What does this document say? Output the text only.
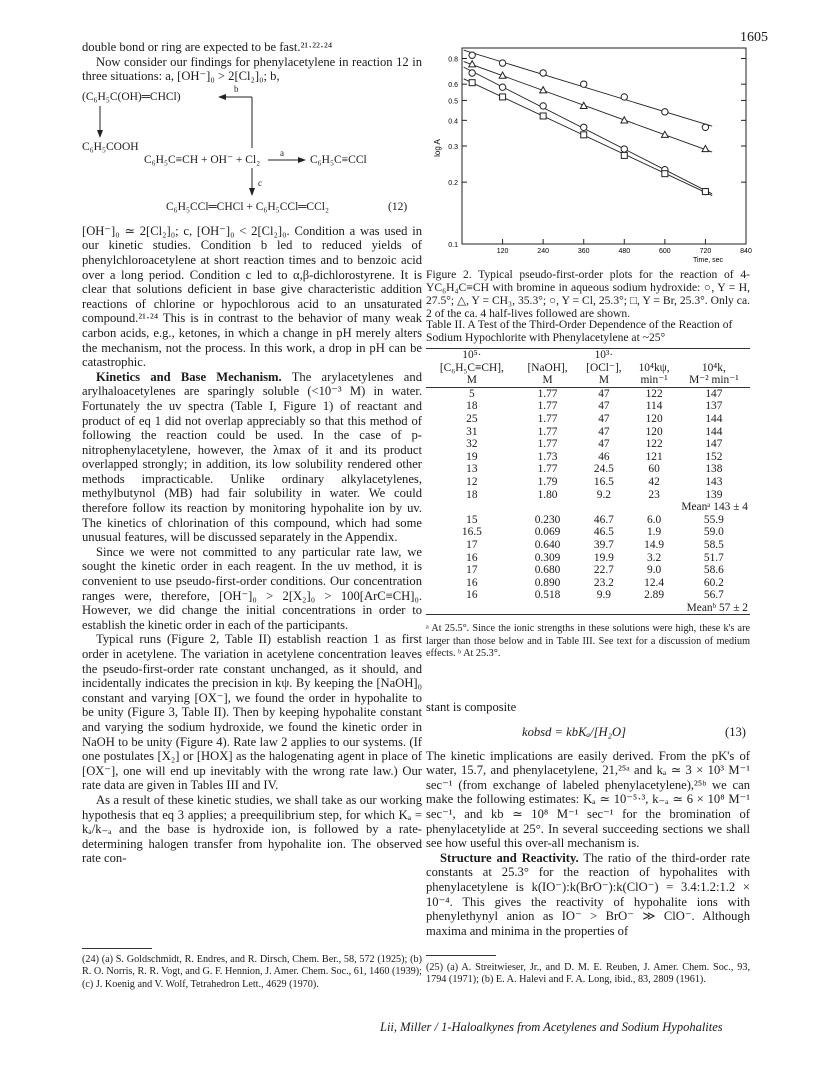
1605

double bond or ring are expected to be fast.²¹·²²·²⁴

Now consider our findings for phenylacetylene in reaction 12 in three situations: a, [OH⁻]₀ > 2[Cl₂]₀; b,

(C₆H₅C(OH)═CHCl)
b
C₆H₅COOH
C₆H₅C≡CH + OH⁻ + Cl₂
a
C₆H₅C≡CCl
c
C₆H₅CCl═CHCl + C₆H₅CCl═CCl₂	(12)

[OH⁻]₀ ≃ 2[Cl₂]₀; c, [OH⁻]₀ < 2[Cl₂]₀. Condition a was used in our kinetic studies. Condition b led to reduced yields of phenylchloroacetylene at short reaction times and to benzoic acid over a long period. Condition c led to α,β-dichlorostyrene. It is clear that solutions deficient in base give characteristic addition reactions of chlorine or hypochlorous acid to an unsaturated compound.²¹·²⁴ This is in contrast to the behavior of many weak carbon acids, e.g., ketones, in which a change in pH merely alters the mechanism, not the process. In this work, a drop in pH can be catastrophic.

Kinetics and Base Mechanism. The arylacetylenes and arylhaloacetylenes are sparingly soluble (<10⁻³ M) in water. Fortunately the uv spectra (Table I, Figure 1) of reactant and product of eq 1 did not overlap appreciably so that this method of following the reaction could be used. In the case of p-nitrophenylacetylene, however, the λmax of it and its product overlapped strongly; in addition, its low solubility rendered other methods impracticable. Unlike ordinary alkylacetylenes, methylbutynol (MB) had fair solubility in water. We could therefore follow its reaction by monitoring hypohalite ion by uv. The kinetics of chlorination of this compound, which had some unusual features, will be discussed separately in the Appendix.

Since we were not committed to any particular rate law, we sought the kinetic order in each reagent. In the uv method, it is convenient to use pseudo-first-order conditions. Our concentration ranges were, therefore, [OH⁻]₀ > 2[X₂]₀ > 100[ArC≡CH]₀. However, we did change the initial concentrations in order to establish the kinetic order in each of the participants.

Typical runs (Figure 2, Table II) establish reaction 1 as first order in acetylene. The variation in acetylene concentration leaves the pseudo-first-order rate constant unchanged, as it should, and incidentally indicates the precision in kψ. By keeping the [NaOH]₀ constant and varying [OX⁻], we found the order in hypohalite to be unity (Figure 3, Table II). Then by keeping hypohalite constant and varying the sodium hydroxide, we found the kinetic order in NaOH to be unity (Figure 4). Rate law 2 applies to our systems. (If one postulates [X₂] or [HOX] as the halogenating agent in place of [OX⁻], one will end up inevitably with the wrong rate law.) Our rate data are given in Tables III and IV.

As a result of these kinetic studies, we shall take as our working hypothesis that eq 3 applies; a preequilibrium step, for which Kₐ = kₐ/k₋ₐ and the base is hydroxide ion, is followed by a rate-determining halogen transfer from hypohalite ion. The observed rate con-

(24) (a) S. Goldschmidt, R. Endres, and R. Dirsch, Chem. Ber., 58, 572 (1925); (b) R. O. Norris, R. R. Vogt, and G. F. Hennion, J. Amer. Chem. Soc., 61, 1460 (1939); (c) J. Koenig and V. Wolf, Tetrahedron Lett., 4629 (1970).
0.1
0.2
0.3
0.4
0.5
0.6
0.8
120	240	360	480	600	720	840
log A
Time, sec
Figure 2. Typical pseudo-first-order plots for the reaction of 4-YC₆H₄C≡CH with bromine in aqueous sodium hydroxide: ○, Y = H, 27.5°; △, Y = CH₃, 35.3°; ○, Y = Cl, 25.3°; □, Y = Br, 25.3°. Only ca. 2 of the ca. 4 half-lives followed are shown.
Table II. A Test of the Third-Order Dependence of the Reaction of Sodium Hypochlorite with Phenylacetylene at ~25°
10⁵·		10³·		
[C₆H₅C≡CH],	[NaOH],	[OCl⁻],	10⁴kψ,	10⁴k,
M	M	M	min⁻¹	M⁻² min⁻¹
5	1.77	47	122	147
18	1.77	47	114	137
25	1.77	47	120	144
31	1.77	47	120	144
32	1.77	47	122	147
19	1.73	46	121	152
13	1.77	24.5	60	138
12	1.79	16.5	42	143
18	1.80	9.2	23	139
Meanᵃ 143 ± 4				
15	0.230	46.7	6.0	55.9
16.5	0.069	46.5	1.9	59.0
17	0.640	39.7	14.9	58.5
16	0.309	19.9	3.2	51.7
17	0.680	22.7	9.0	58.6
16	0.890	23.2	12.4	60.2
16	0.518	9.9	2.89	56.7
Meanᵇ 57 ± 2				
ᵃ At 25.5°. Since the ionic strengths in these solutions were high, these k's are larger than those below and in Table III. See text for a discussion of medium effects. ᵇ At 25.3°.

stant is composite

kobsd = kbKₐ/[H₂O]	(13)

The kinetic implications are easily derived. From the pK's of water, 15.7, and phenylacetylene, 21,²⁵ᵃ and kₐ ≃ 3 × 10³ M⁻¹ sec⁻¹ (from exchange of labeled phenylacetylene),²⁵ᵇ we can make the following estimates: Kₐ ≃ 10⁻⁵·³, k₋ₐ ≃ 6 × 10⁸ M⁻¹ sec⁻¹, and kb ≃ 10⁸ M⁻¹ sec⁻¹ for the bromination of phenylacetylide at 25°. In several succeeding sections we shall see how useful this over-all mechanism is.

Structure and Reactivity. The ratio of the third-order rate constants at 25.3° for the reaction of hypohalites with phenylacetylene is k(IO⁻):k(BrO⁻):k(ClO⁻) = 3.4:1.2:1.2 × 10⁻⁴. This gives the reactivity of hypohalite ions with phenylethynyl anion as IO⁻ > BrO⁻ ≫ ClO⁻. Although maxima and minima in the properties of

(25) (a) A. Streitwieser, Jr., and D. M. E. Reuben, J. Amer. Chem. Soc., 93, 1794 (1971); (b) E. A. Halevi and F. A. Long, ibid., 83, 2809 (1961).
Lii, Miller / 1-Haloalkynes from Acetylenes and Sodium Hypohalites
